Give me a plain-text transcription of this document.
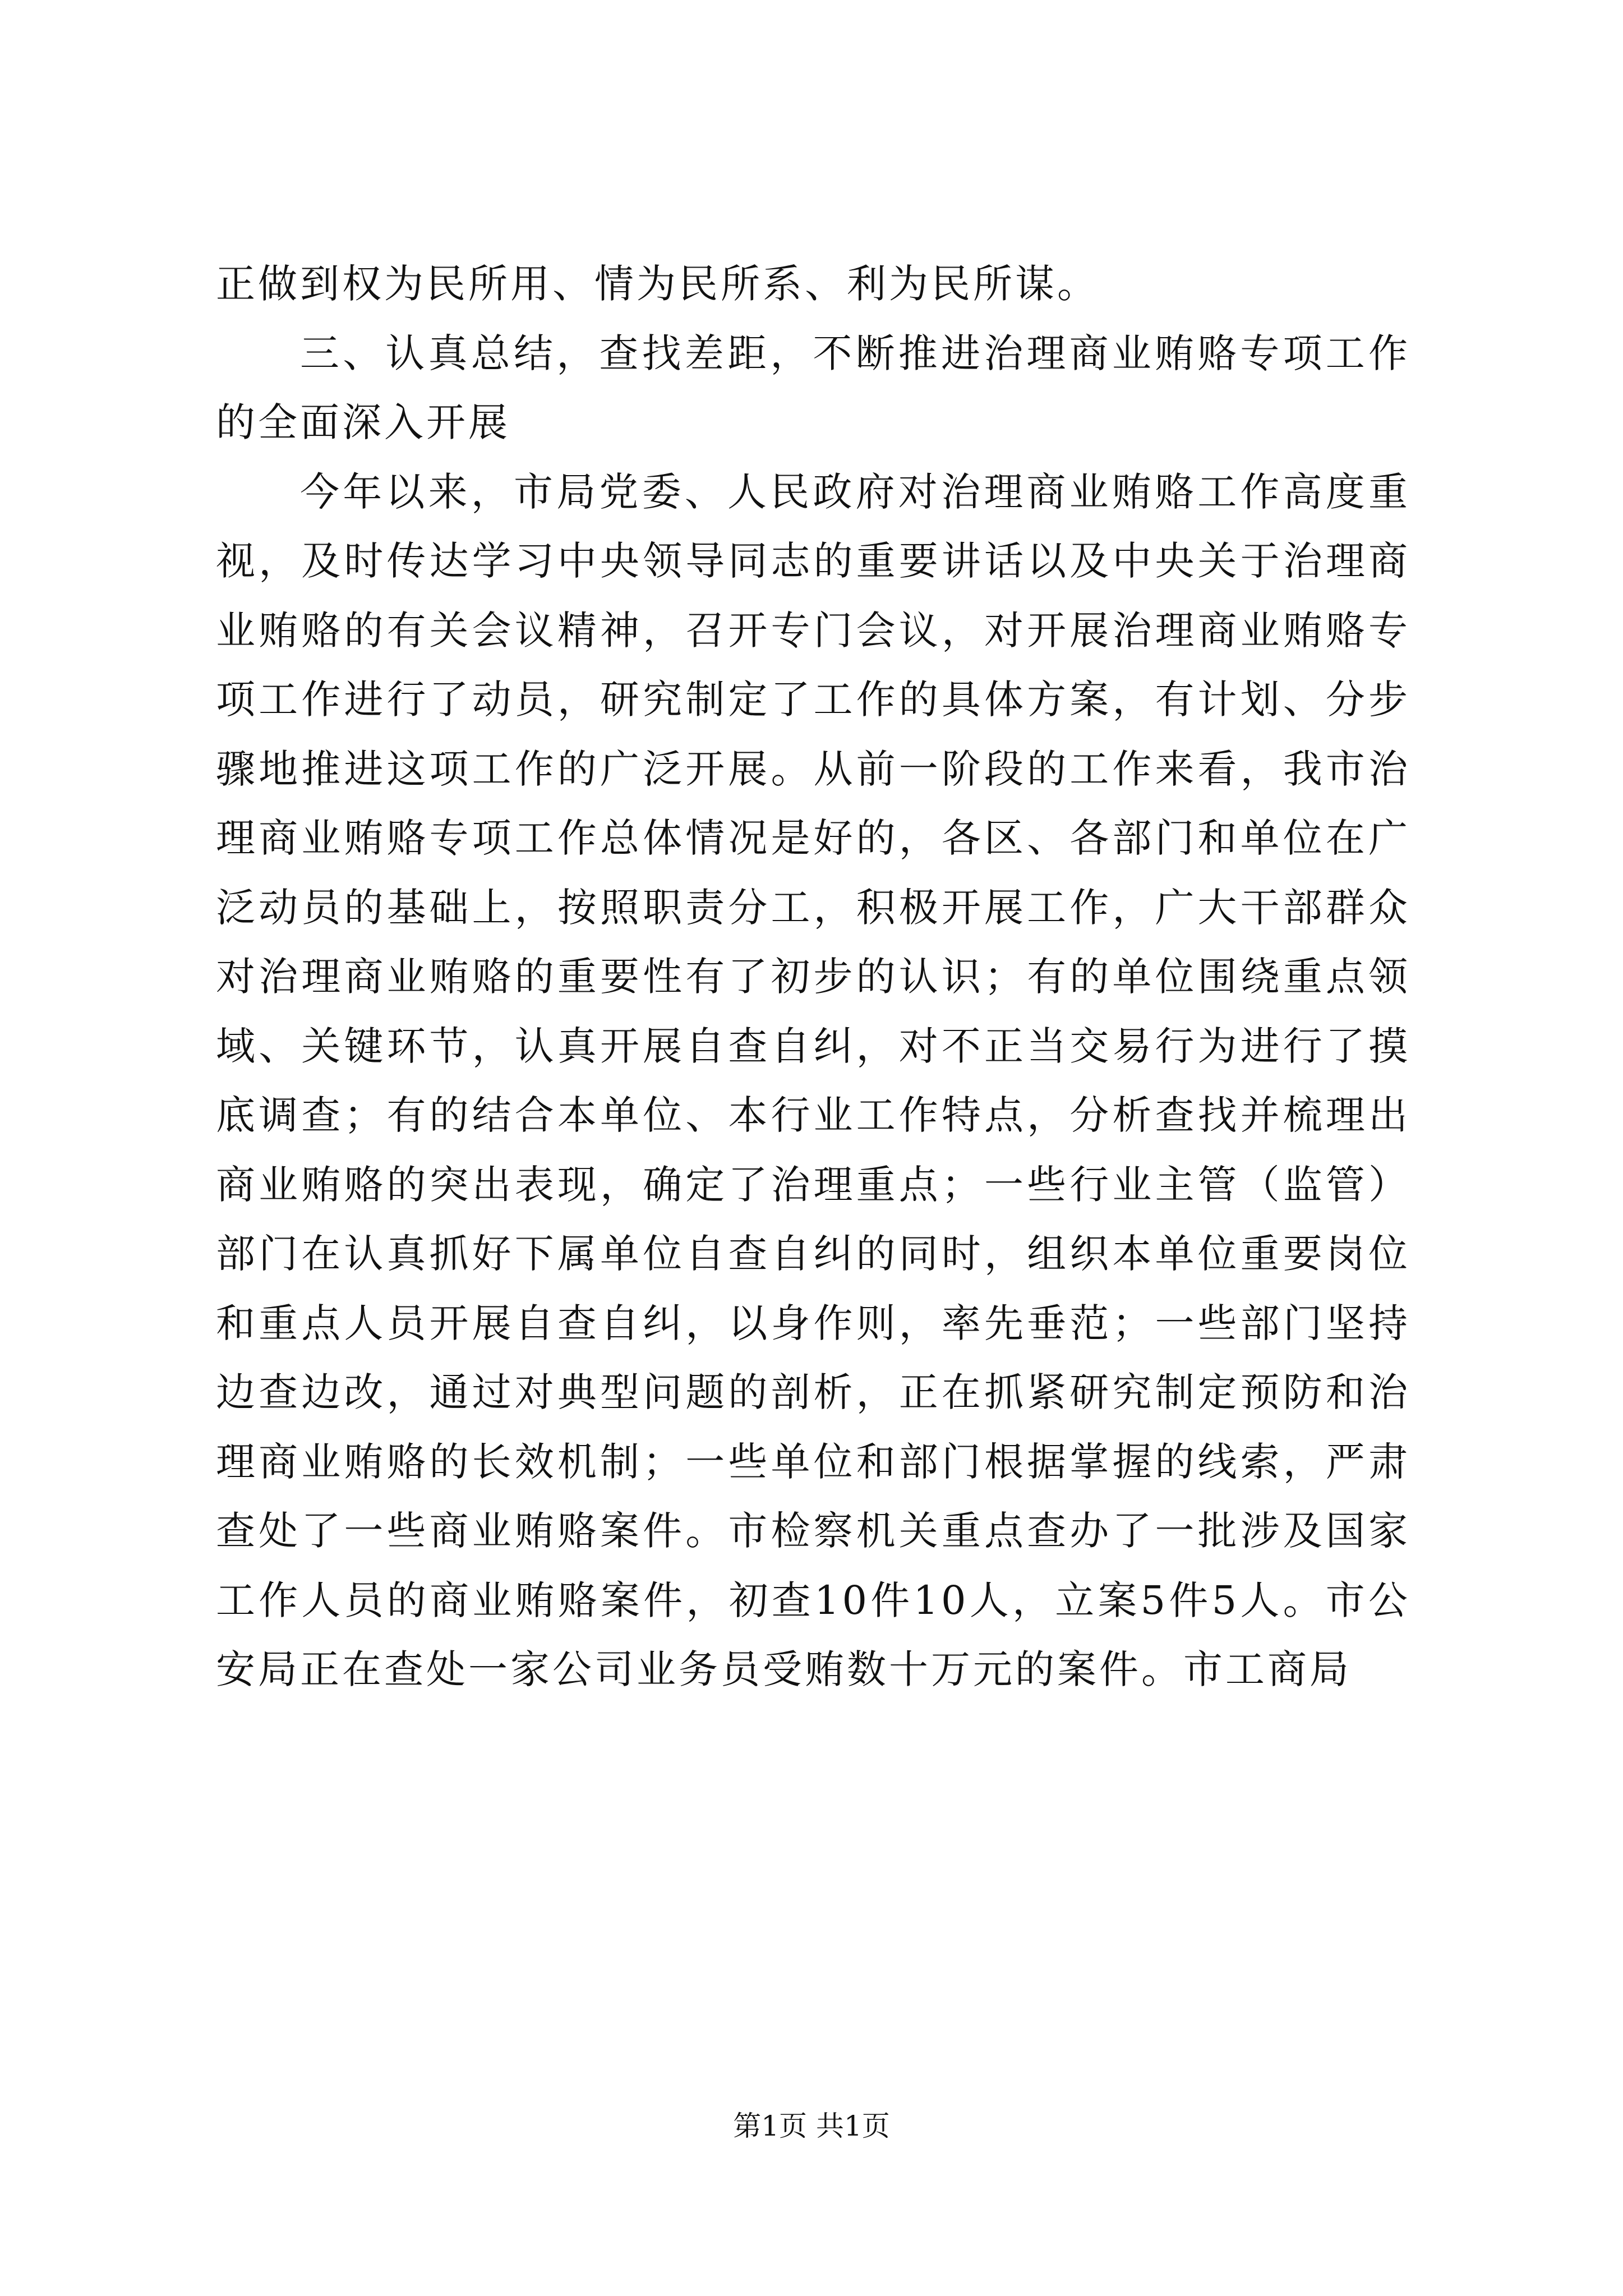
正做到权为民所用、情为民所系、利为民所谋。

三、认真总结，查找差距，不断推进治理商业贿赂专项工作的全面深入开展

今年以来，市局党委、人民政府对治理商业贿赂工作高度重视，及时传达学习中央领导同志的重要讲话以及中央关于治理商业贿赂的有关会议精神，召开专门会议，对开展治理商业贿赂专项工作进行了动员，研究制定了工作的具体方案，有计划、分步骤地推进这项工作的广泛开展。从前一阶段的工作来看，我市治理商业贿赂专项工作总体情况是好的，各区、各部门和单位在广泛动员的基础上，按照职责分工，积极开展工作，广大干部群众对治理商业贿赂的重要性有了初步的认识；有的单位围绕重点领域、关键环节，认真开展自查自纠，对不正当交易行为进行了摸底调查；有的结合本单位、本行业工作特点，分析查找并梳理出商业贿赂的突出表现，确定了治理重点；一些行业主管（监管）部门在认真抓好下属单位自查自纠的同时，组织本单位重要岗位和重点人员开展自查自纠，以身作则，率先垂范；一些部门坚持边查边改，通过对典型问题的剖析，正在抓紧研究制定预防和治理商业贿赂的长效机制；一些单位和部门根据掌握的线索，严肃查处了一些商业贿赂案件。市检察机关重点查办了一批涉及国家工作人员的商业贿赂案件，初查10件10人，立案5件5人。市公安局正在查处一家公司业务员受贿数十万元的案件。市工商局

第1页 共1页
